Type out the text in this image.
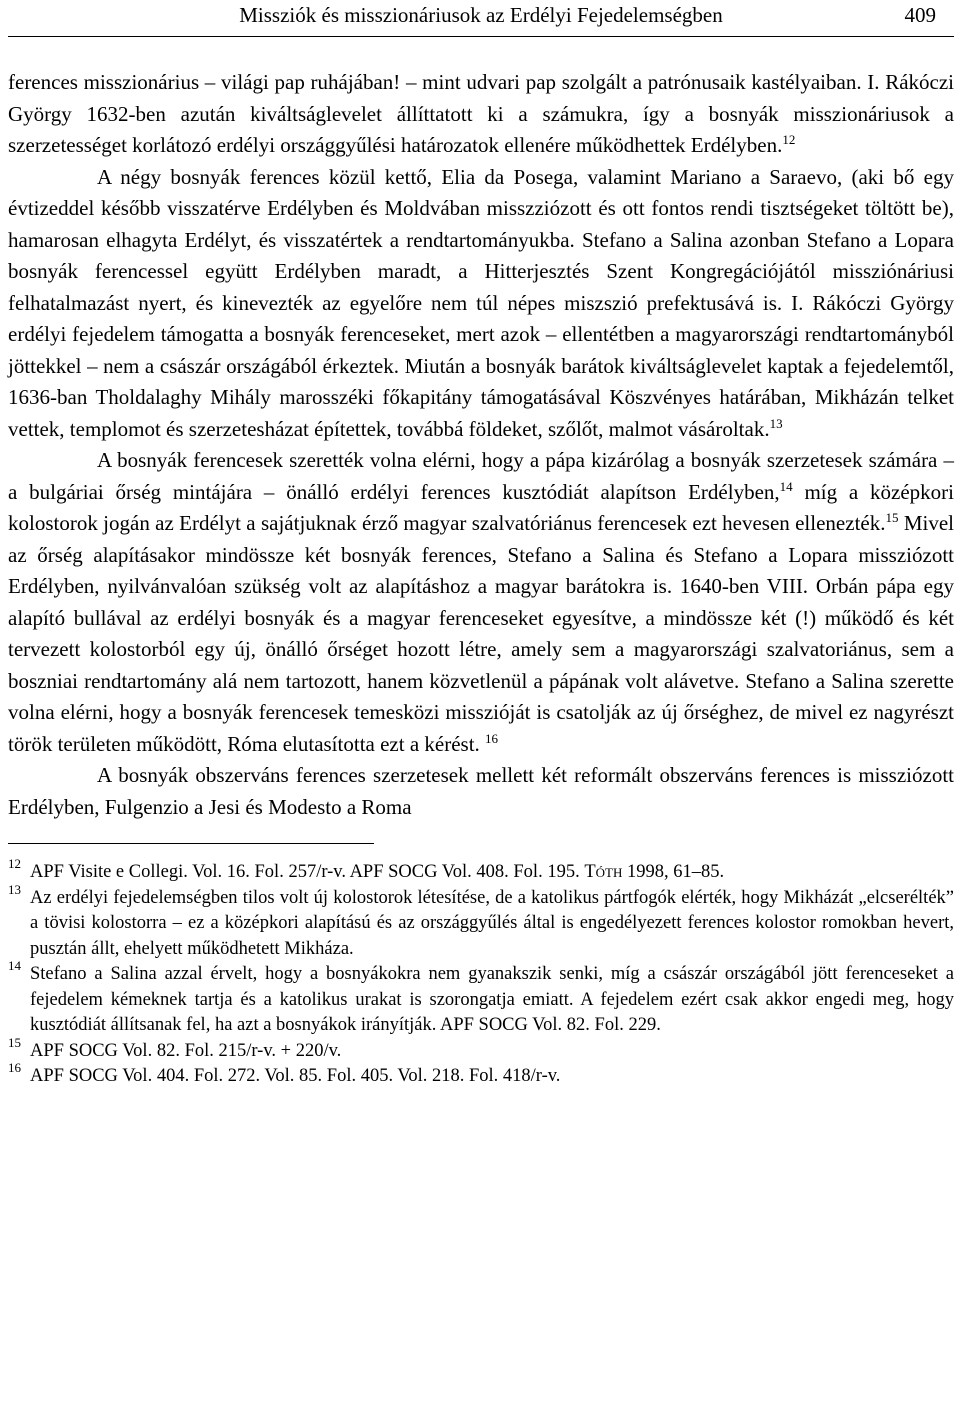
Missziók és misszionáriusok az Erdélyi Fejedelemségben	409

ferences misszionárius – világi pap ruhájában! – mint udvari pap szolgált a patrónusaik kastélyaiban. I. Rákóczi György 1632-ben azután kiváltságlevelet állíttatott ki a számukra, így a bosnyák misszionáriusok a szerzetességet korlátozó erdélyi országgyűlési határozatok ellenére működhettek Erdélyben.$^{12}$

A négy bosnyák ferences közül kettő, Elia da Posega, valamint Mariano a Saraevo, (aki bő egy évtizeddel később visszatérve Erdélyben és Moldvában misszziózott és ott fontos rendi tisztségeket töltött be), hamarosan elhagyta Erdélyt, és visszatértek a rendtartományukba. Stefano a Salina azonban Stefano a Lopara bosnyák ferencessel együtt Erdélyben maradt, a Hitterjesztés Szent Kongregációjától missziónáriusi felhatalmazást nyert, és kinevezték az egyelőre nem túl népes miszszió prefektusává is. I. Rákóczi György erdélyi fejedelem támogatta a bosnyák ferenceseket, mert azok – ellentétben a magyarországi rendtartományból jöttekkel – nem a császár országából érkeztek. Miután a bosnyák barátok kiváltságlevelet kaptak a fejedelemtől, 1636-ban Tholdalaghy Mihály marosszéki főkapitány támogatásával Köszvényes határában, Mikházán telket vettek, templomot és szerzetesházat építettek, továbbá földeket, szőlőt, malmot vásároltak.$^{13}$

A bosnyák ferencesek szerették volna elérni, hogy a pápa kizárólag a bosnyák szerzetesek számára – a bulgáriai őrség mintájára – önálló erdélyi ferences kusztódiát alapítson Erdélyben,$^{14}$ míg a középkori kolostorok jogán az Erdélyt a sajátjuknak érző magyar szalvatóriánus ferencesek ezt hevesen ellenezték.$^{15}$ Mivel az őrség alapításakor mindössze két bosnyák ferences, Stefano a Salina és Stefano a Lopara missziózott Erdélyben, nyilvánvalóan szükség volt az alapításhoz a magyar barátokra is. 1640-ben VIII. Orbán pápa egy alapító bullával az erdélyi bosnyák és a magyar ferenceseket egyesítve, a mindössze két (!) működő és két tervezett kolostorból egy új, önálló őrséget hozott létre, amely sem a magyarországi szalvatoriánus, sem a boszniai rendtartomány alá nem tartozott, hanem közvetlenül a pápának volt alávetve. Stefano a Salina szerette volna elérni, hogy a bosnyák ferencesek temesközi misszióját is csatolják az új őrséghez, de mivel ez nagyrészt török területen működött, Róma elutasította ezt a kérést. $^{16}$

A bosnyák obszerváns ferences szerzetesek mellett két reformált obszerváns ferences is missziózott Erdélyben, Fulgenzio a Jesi és Modesto a Roma

12 APF Visite e Collegi. Vol. 16. Fol. 257/r-v. APF SOCG Vol. 408. Fol. 195. Tóth 1998, 61–85.

13 Az erdélyi fejedelemségben tilos volt új kolostorok létesítése, de a katolikus pártfogók elérték, hogy Mikházát „elcserélték” a tövisi kolostorra – ez a középkori alapítású és az országgyűlés által is engedélyezett ferences kolostor romokban hevert, pusztán állt, ehelyett működhetett Mikháza.

14 Stefano a Salina azzal érvelt, hogy a bosnyákokra nem gyanakszik senki, míg a császár országából jött ferenceseket a fejedelem kémeknek tartja és a katolikus urakat is szorongatja emiatt. A fejedelem ezért csak akkor engedi meg, hogy kusztódiát állítsanak fel, ha azt a bosnyákok irányítják. APF SOCG Vol. 82. Fol. 229.

15 APF SOCG Vol. 82. Fol. 215/r-v. + 220/v.

16 APF SOCG Vol. 404. Fol. 272. Vol. 85. Fol. 405. Vol. 218. Fol. 418/r-v.
